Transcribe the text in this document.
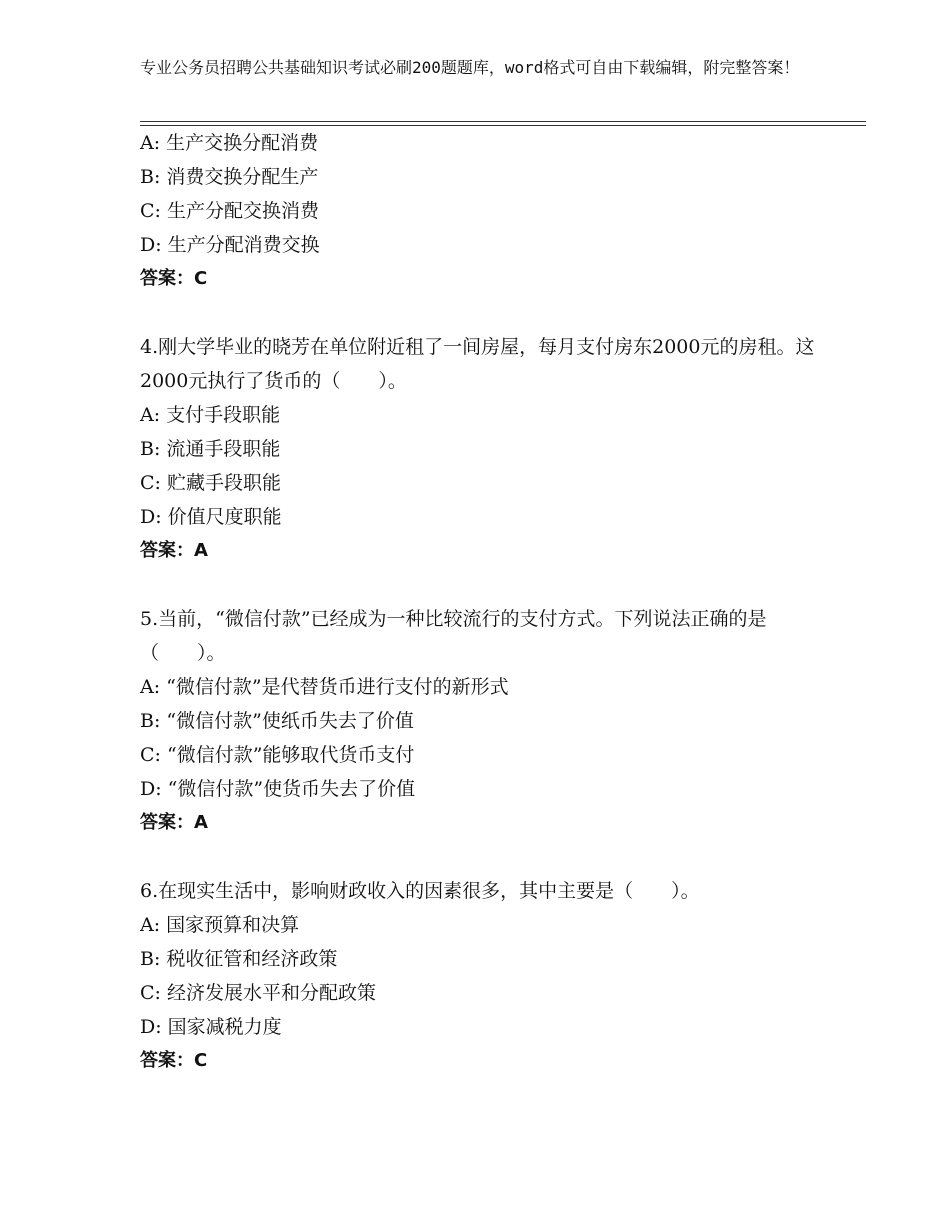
专业公务员招聘公共基础知识考试必刷200题题库，word格式可自由下载编辑，附完整答案！
A: 生产交换分配消费
B: 消费交换分配生产
C: 生产分配交换消费
D: 生产分配消费交换
答案：C
4.刚大学毕业的晓芳在单位附近租了一间房屋，每月支付房东2000元的房租。这2000元执行了货币的（　　）。
A: 支付手段职能
B: 流通手段职能
C: 贮藏手段职能
D: 价值尺度职能
答案：A
5.当前，“微信付款”已经成为一种比较流行的支付方式。下列说法正确的是（　　）。
A: “微信付款”是代替货币进行支付的新形式
B: “微信付款”使纸币失去了价值
C: “微信付款”能够取代货币支付
D: “微信付款”使货币失去了价值
答案：A
6.在现实生活中，影响财政收入的因素很多，其中主要是（　　）。
A: 国家预算和决算
B: 税收征管和经济政策
C: 经济发展水平和分配政策
D: 国家减税力度
答案：C
